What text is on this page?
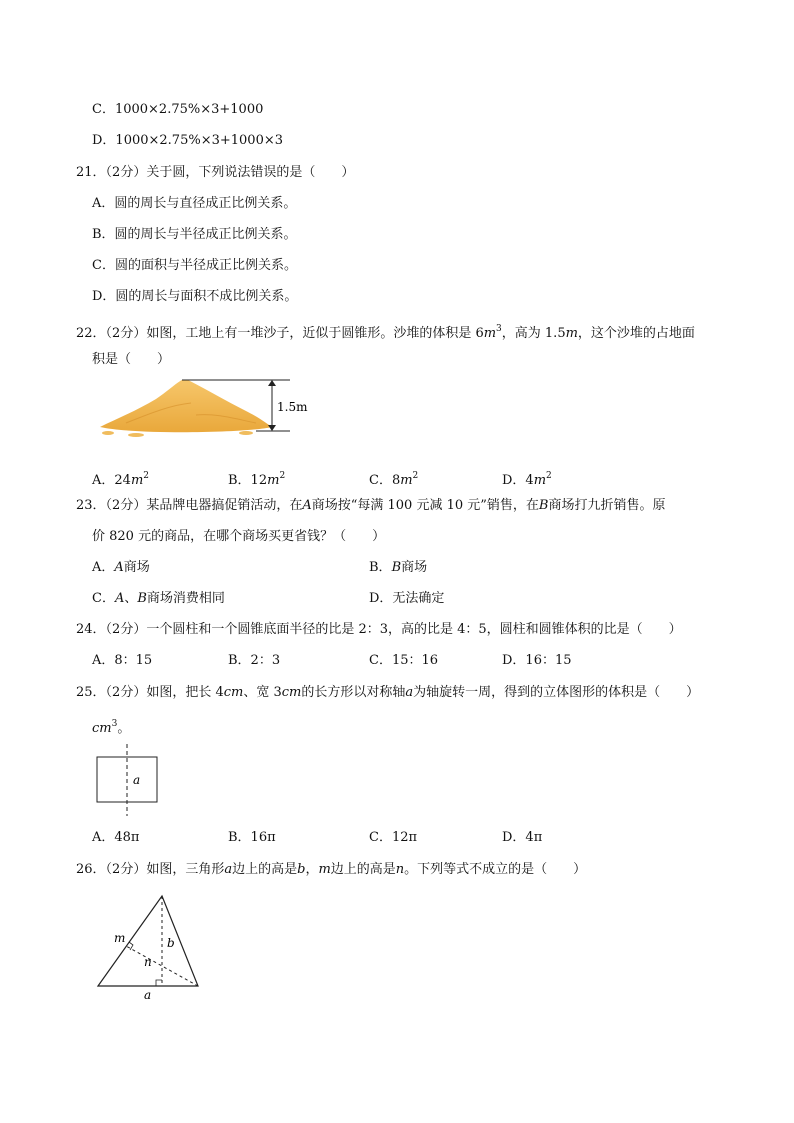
C．1000×2.75%×3+1000
D．1000×2.75%×3+1000×3
21．（2分）关于圆，下列说法错误的是（　　）
A．圆的周长与直径成正比例关系。
B．圆的周长与半径成正比例关系。
C．圆的面积与半径成正比例关系。
D．圆的周长与面积不成比例关系。
22．（2分）如图，工地上有一堆沙子，近似于圆锥形。沙堆的体积是 $6m^3$，高为 1.5m，这个沙堆的占地面
积是（　　）
1.5m
A．$24m^2$	B．$12m^2$	C．$8m^2$	D．$4m^2$
23．（2分）某品牌电器搞促销活动，在A商场按“每满 100 元减 10 元”销售，在B商场打九折销售。原
价 820 元的商品，在哪个商场买更省钱？（　　）
A．A商场	B．B商场
C．A、B商场消费相同	D．无法确定
24．（2分）一个圆柱和一个圆锥底面半径的比是 2：3，高的比是 4：5，圆柱和圆锥体积的比是（　　）
A．8：15	B．2：3	C．15：16	D．16：15
25．（2分）如图，把长 4cm、宽 3cm的长方形以对称轴a为轴旋转一周，得到的立体图形的体积是（　　）
$cm^3$。
a
A．48π	B．16π	C．12π	D．4π
26．（2分）如图，三角形a边上的高是b，m边上的高是n。下列等式不成立的是（　　）
m	b
n
a
